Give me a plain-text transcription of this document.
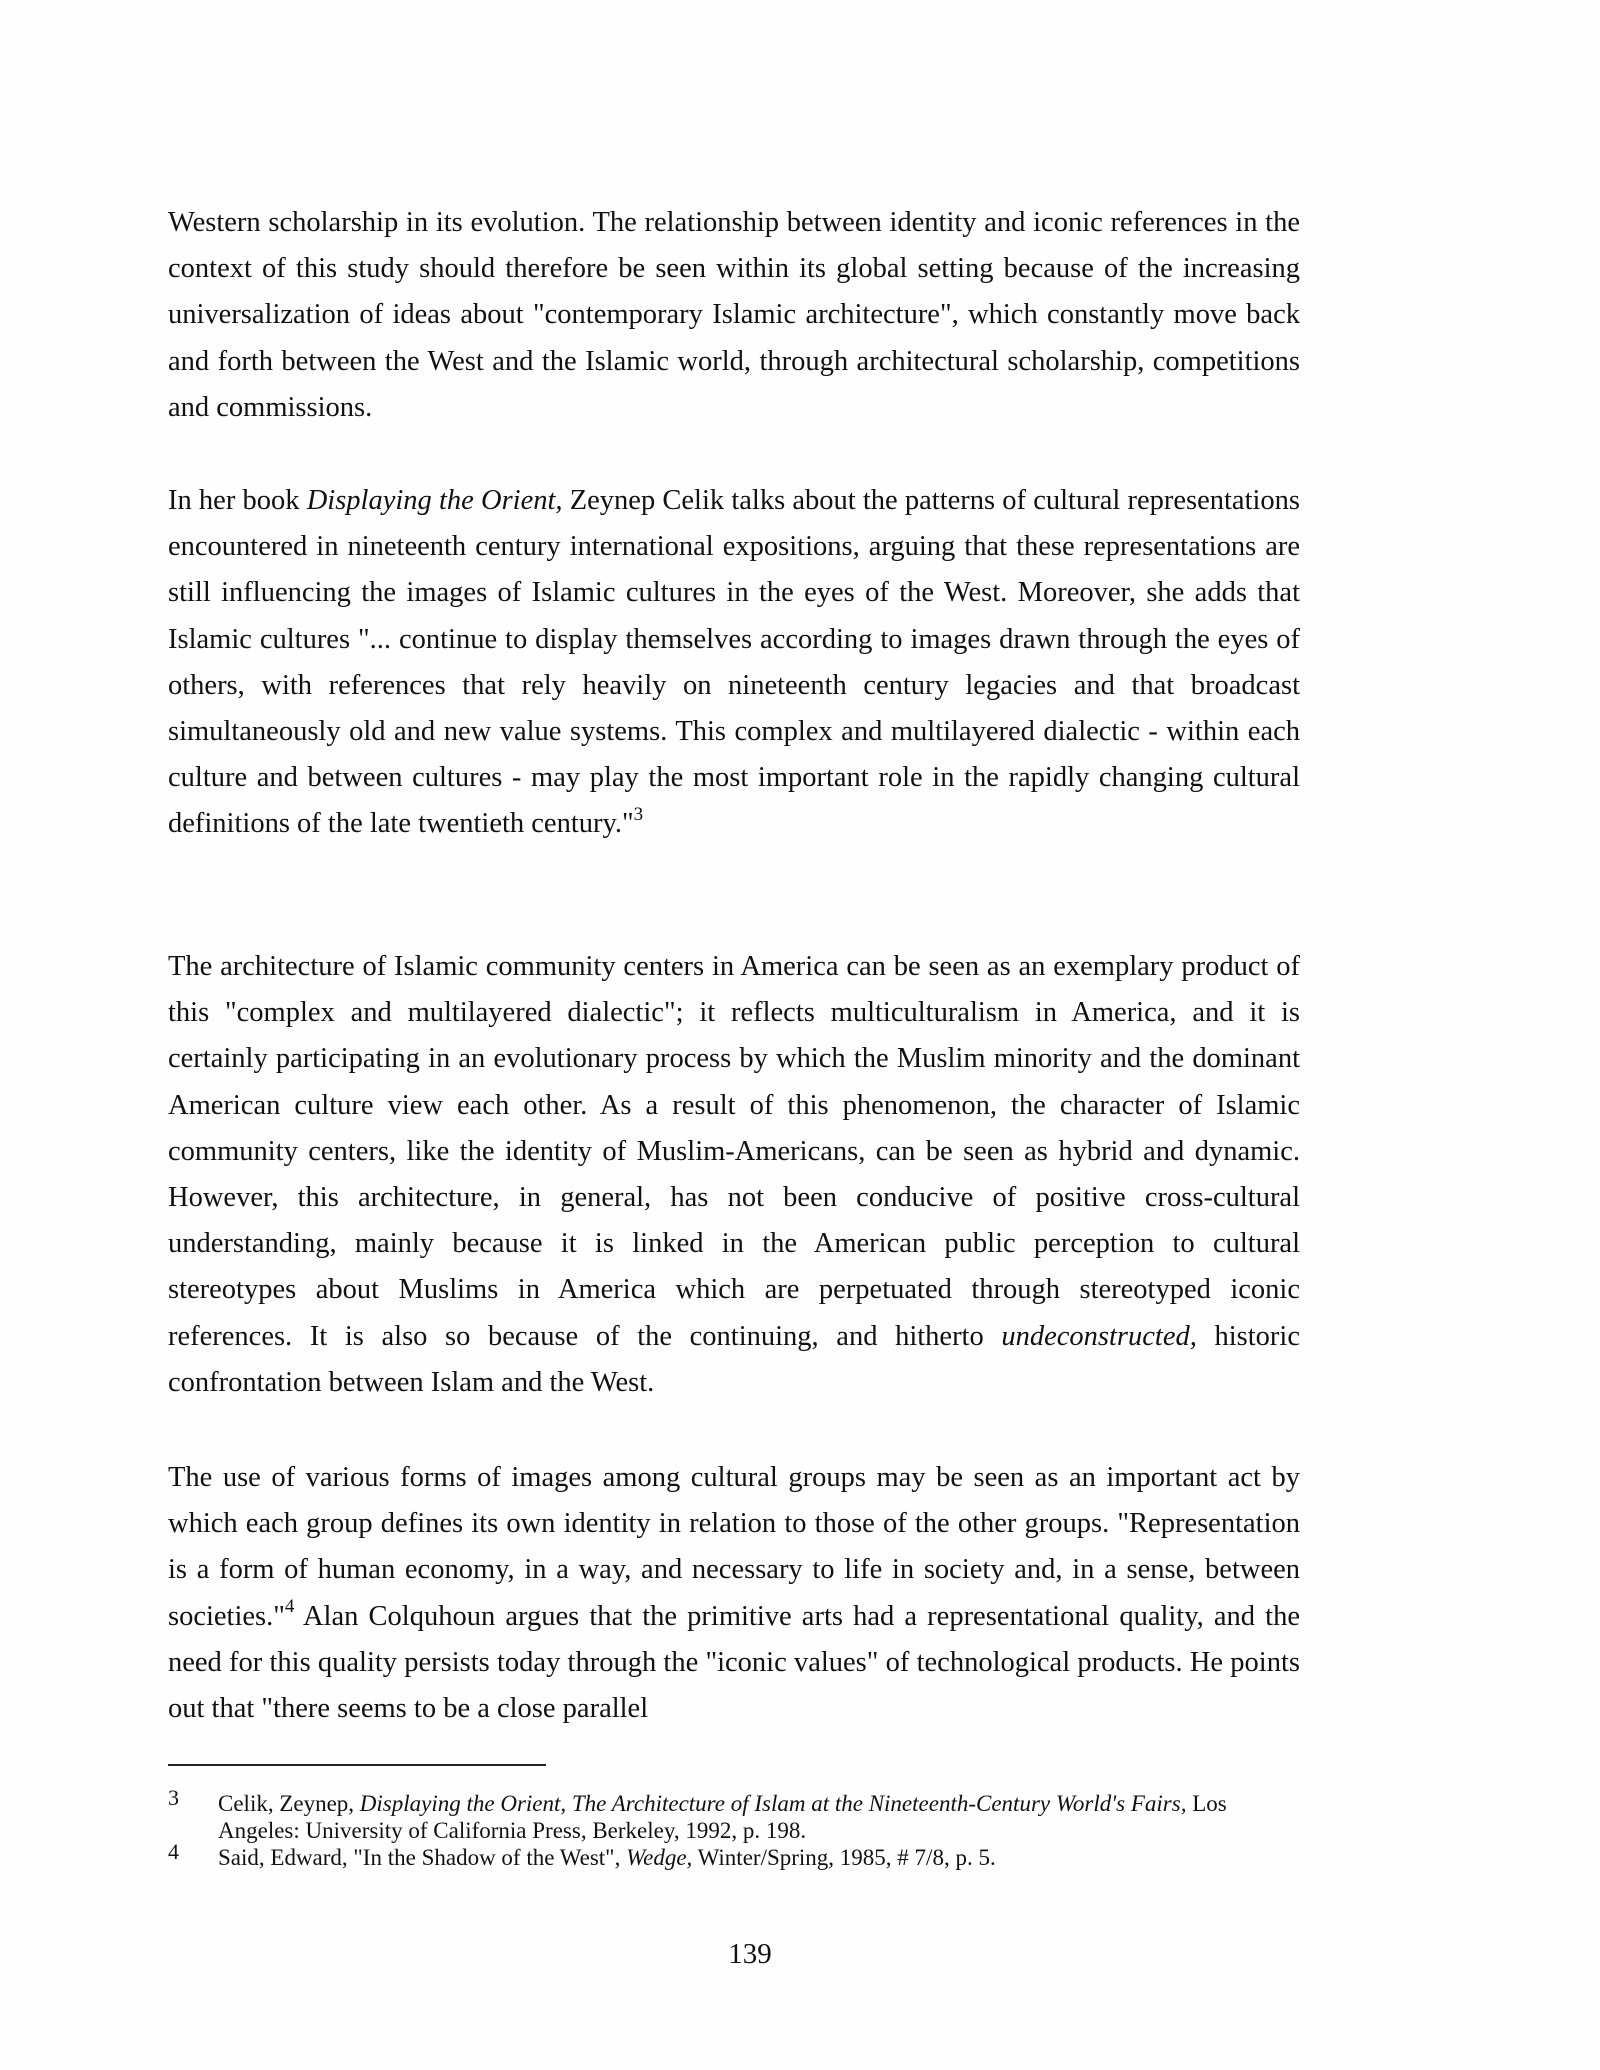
Western scholarship in its evolution. The relationship between identity and iconic references in the context of this study should therefore be seen within its global setting because of the increasing universalization of ideas about "contemporary Islamic architecture", which constantly move back and forth between the West and the Islamic world, through architectural scholarship, competitions and commissions.

In her book Displaying the Orient, Zeynep Celik talks about the patterns of cultural representations encountered in nineteenth century international expositions, arguing that these representations are still influencing the images of Islamic cultures in the eyes of the West. Moreover, she adds that Islamic cultures "... continue to display themselves according to images drawn through the eyes of others, with references that rely heavily on nineteenth century legacies and that broadcast simultaneously old and new value systems. This complex and multilayered dialectic - within each culture and between cultures - may play the most important role in the rapidly changing cultural definitions of the late twentieth century."$^3$

The architecture of Islamic community centers in America can be seen as an exemplary product of this "complex and multilayered dialectic"; it reflects multiculturalism in America, and it is certainly participating in an evolutionary process by which the Muslim minority and the dominant American culture view each other. As a result of this phenomenon, the character of Islamic community centers, like the identity of Muslim-Americans, can be seen as hybrid and dynamic. However, this architecture, in general, has not been conducive of positive cross-cultural understanding, mainly because it is linked in the American public perception to cultural stereotypes about Muslims in America which are perpetuated through stereotyped iconic references. It is also so because of the continuing, and hitherto undeconstructed, historic confrontation between Islam and the West.

The use of various forms of images among cultural groups may be seen as an important act by which each group defines its own identity in relation to those of the other groups. "Representation is a form of human economy, in a way, and necessary to life in society and, in a sense, between societies."$^4$ Alan Colquhoun argues that the primitive arts had a representational quality, and the need for this quality persists today through the "iconic values" of technological products. He points out that "there seems to be a close parallel

3 Celik, Zeynep, Displaying the Orient, The Architecture of Islam at the Nineteenth-Century World's Fairs, Los Angeles: University of California Press, Berkeley, 1992, p. 198.

4 Said, Edward, "In the Shadow of the West", Wedge, Winter/Spring, 1985, # 7/8, p. 5.

139
